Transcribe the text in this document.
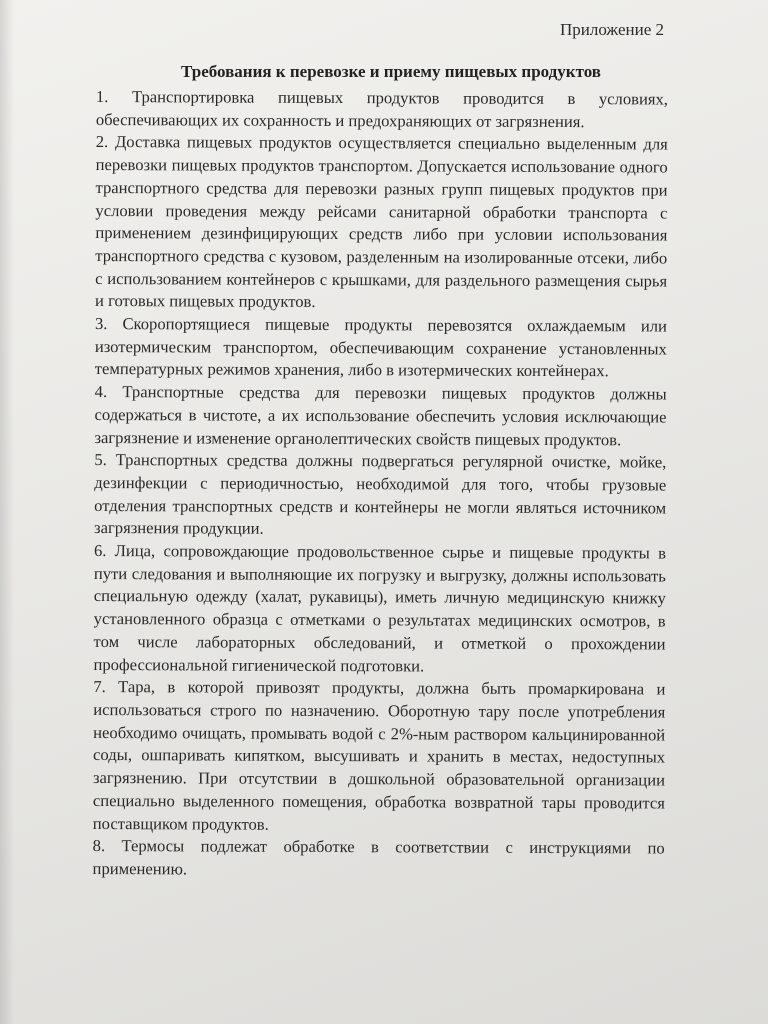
Приложение 2
Требования к перевозке и приему пищевых продуктов

1. Транспортировка пищевых продуктов проводится в условиях, обеспечивающих их сохранность и предохраняющих от загрязнения.

2. Доставка пищевых продуктов осуществляется специально выделенным для перевозки пищевых продуктов транспортом. Допускается использование одного транспортного средства для перевозки разных групп пищевых продуктов при условии проведения между рейсами санитарной обработки транспорта с применением дезинфицирующих средств либо при условии использования транспортного средства с кузовом, разделенным на изолированные отсеки, либо с использованием контейнеров с крышками, для раздельного размещения сырья и готовых пищевых продуктов.

3. Скоропортящиеся пищевые продукты перевозятся охлаждаемым или изотермическим транспортом, обеспечивающим сохранение установленных температурных режимов хранения, либо в изотермических контейнерах.

4. Транспортные средства для перевозки пищевых продуктов должны содержаться в чистоте, а их использование обеспечить условия исключающие загрязнение и изменение органолептических свойств пищевых продуктов.

5. Транспортных средства должны подвергаться регулярной очистке, мойке, дезинфекции с периодичностью, необходимой для того, чтобы грузовые отделения транспортных средств и контейнеры не могли являться источником загрязнения продукции.

6. Лица, сопровождающие продовольственное сырье и пищевые продукты в пути следования и выполняющие их погрузку и выгрузку, должны использовать специальную одежду (халат, рукавицы), иметь личную медицинскую книжку установленного образца с отметками о результатах медицинских осмотров, в том числе лабораторных обследований, и отметкой о прохождении профессиональной гигиенической подготовки.

7. Тара, в которой привозят продукты, должна быть промаркирована и использоваться строго по назначению. Оборотную тару после употребления необходимо очищать, промывать водой с 2%-ным раствором кальцинированной соды, ошпаривать кипятком, высушивать и хранить в местах, недоступных загрязнению. При отсутствии в дошкольной образовательной организации специально выделенного помещения, обработка возвратной тары проводится поставщиком продуктов.

8. Термосы подлежат обработке в соответствии с инструкциями по применению.
